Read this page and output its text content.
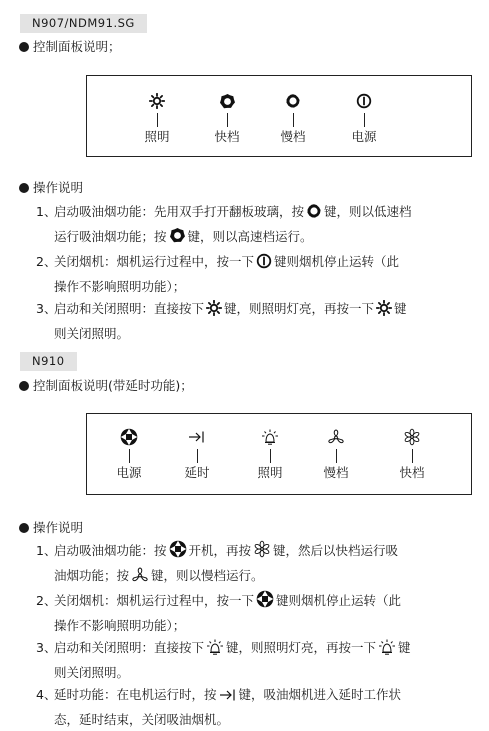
N907/NDM91.SG
控制面板说明；
照明	快档	慢档	电源
操作说明
1、
启动吸油烟功能：先用双手打开翻板玻璃，按 键，则以低速档
运行吸油烟功能；按 键，则以高速档运行。
2、
关闭烟机：烟机运行过程中，按一下 键则烟机停止运转（此
操作不影响照明功能）；
3、
启动和关闭照明：直接按下 键，则照明灯亮，再按一下 键
则关闭照明。
N910
控制面板说明(带延时功能)；
电源	延时	照明	慢档	快档
操作说明
1、
启动吸油烟功能：按 开机，再按 键，然后以快档运行吸
油烟功能；按 键，则以慢档运行。
2、
关闭烟机：烟机运行过程中，按一下 键则烟机停止运转（此
操作不影响照明功能）；
3、
启动和关闭照明：直接按下 键，则照明灯亮，再按一下 键
则关闭照明。
4、
延时功能：在电机运行时，按 键，吸油烟机进入延时工作状
态，延时结束，关闭吸油烟机。
